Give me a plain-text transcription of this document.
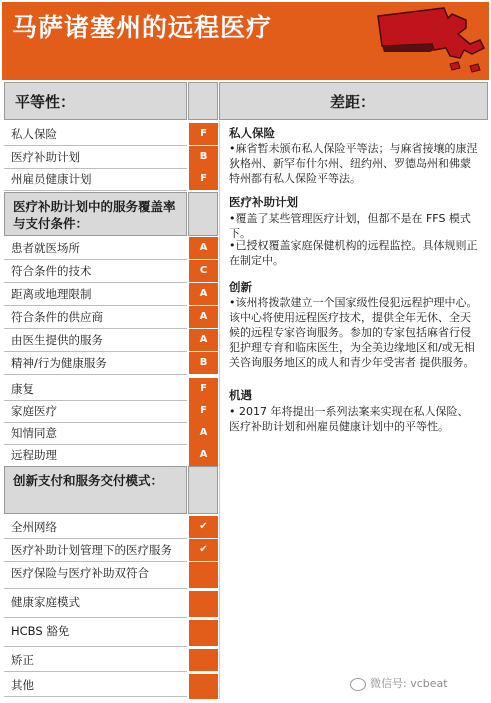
马萨诸塞州的远程医疗
平等性：	差距：
私人保险	F
医疗补助计划	B
州雇员健康计划	F
医疗补助计划中的服务覆盖率与支付条件：
患者就医场所	A
符合条件的技术	C
距离或地理限制	A
符合条件的供应商	A
由医生提供的服务	A
精神/行为健康服务	B
康复	F
家庭医疗	F
知情同意	A
远程助理	A
创新支付和服务交付模式：
全州网络	✔
医疗补助计划管理下的医疗服务	✔
医疗保险与医疗补助双符合
健康家庭模式
HCBS 豁免
矫正
其他
私人保险
•麻省暂未颁布私人保险平等法；与麻省接壤的康涅狄格州、新罕布什尔州、纽约州、罗德岛州和佛蒙特州都有私人保险平等法。
医疗补助计划
•覆盖了某些管理医疗计划，但都不是在 FFS 模式下。
•已授权覆盖家庭保健机构的远程监控。具体规则正在制定中。
创新
•该州将拨款建立一个国家级性侵犯远程护理中心。该中心将使用远程医疗技术，提供全年无休、全天候的远程专家咨询服务。参加的专家包括麻省行侵犯护理专育和临床医生，为全美边缘地区和/或无相关咨询服务地区的成人和青少年受害者 提供服务。
机遇
• 2017 年将提出一系列法案来实现在私人保险、 医疗补助计划和州雇员健康计划中的平等性。
微信号: vcbeat
